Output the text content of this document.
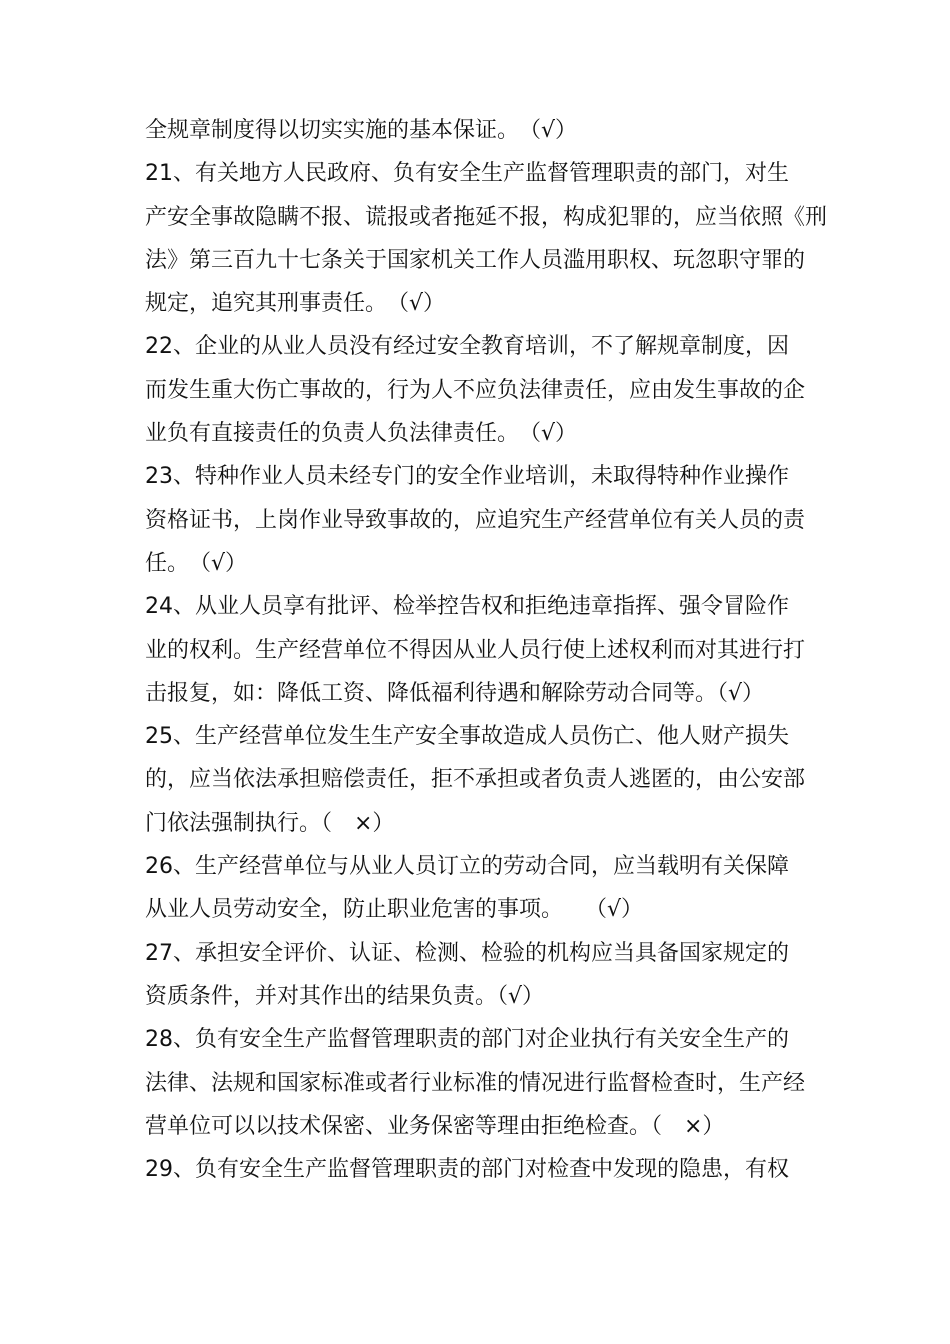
全规章制度得以切实实施的基本保证。　（√）
21、有关地方人民政府、负有安全生产监督管理职责的部门，对生
产安全事故隐瞒不报、谎报或者拖延不报，构成犯罪的，应当依照《刑
法》第三百九十七条关于国家机关工作人员滥用职权、玩忽职守罪的
规定，追究其刑事责任。　（√）
22、企业的从业人员没有经过安全教育培训，不了解规章制度，因
而发生重大伤亡事故的，行为人不应负法律责任，应由发生事故的企
业负有直接责任的负责人负法律责任。　（√）
23、特种作业人员未经专门的安全作业培训，未取得特种作业操作
资格证书，上岗作业导致事故的，应追究生产经营单位有关人员的责
任。　（√）
24、从业人员享有批评、检举控告权和拒绝违章指挥、强令冒险作
业的权利。生产经营单位不得因从业人员行使上述权利而对其进行打
击报复，如：降低工资、降低福利待遇和解除劳动合同等。（√）
25、生产经营单位发生生产安全事故造成人员伤亡、他人财产损失
的，应当依法承担赔偿责任，拒不承担或者负责人逃匿的，由公安部
门依法强制执行。（　×）
26、生产经营单位与从业人员订立的劳动合同，应当载明有关保障
从业人员劳动安全，防止职业危害的事项。　　（√）
27、承担安全评价、认证、检测、检验的机构应当具备国家规定的
资质条件，并对其作出的结果负责。（√）
28、负有安全生产监督管理职责的部门对企业执行有关安全生产的
法律、法规和国家标准或者行业标准的情况进行监督检查时，生产经
营单位可以以技术保密、业务保密等理由拒绝检查。（　×）
29、负有安全生产监督管理职责的部门对检查中发现的隐患，有权
